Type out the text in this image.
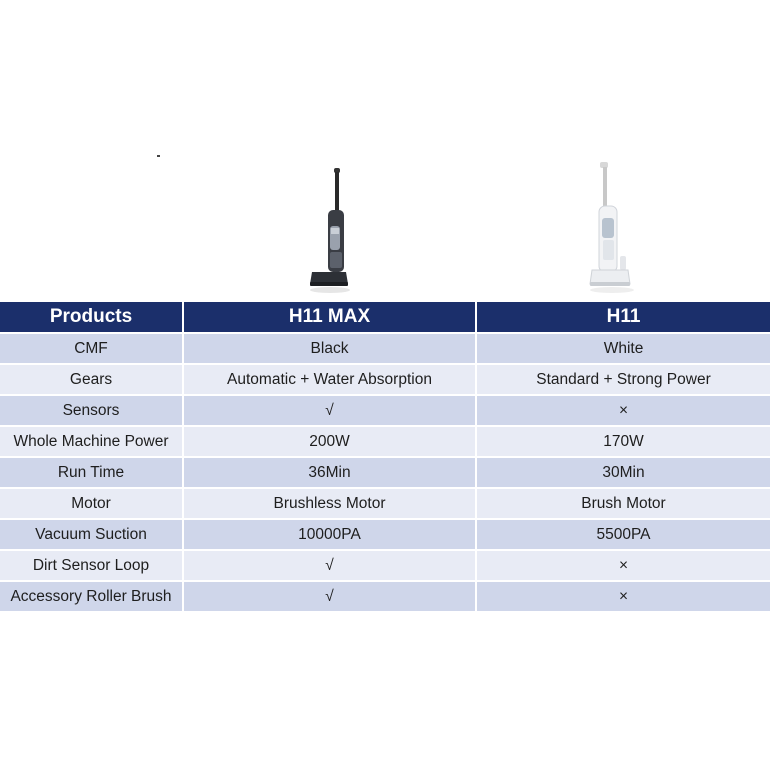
Products	H11 MAX	H11
CMF	Black	White
Gears	Automatic + Water Absorption	Standard + Strong Power
Sensors	√	×
Whole Machine Power	200W	170W
Run Time	36Min	30Min
Motor	Brushless Motor	Brush Motor
Vacuum Suction	10000PA	5500PA
Dirt Sensor Loop	√	×
Accessory Roller Brush	√	×
